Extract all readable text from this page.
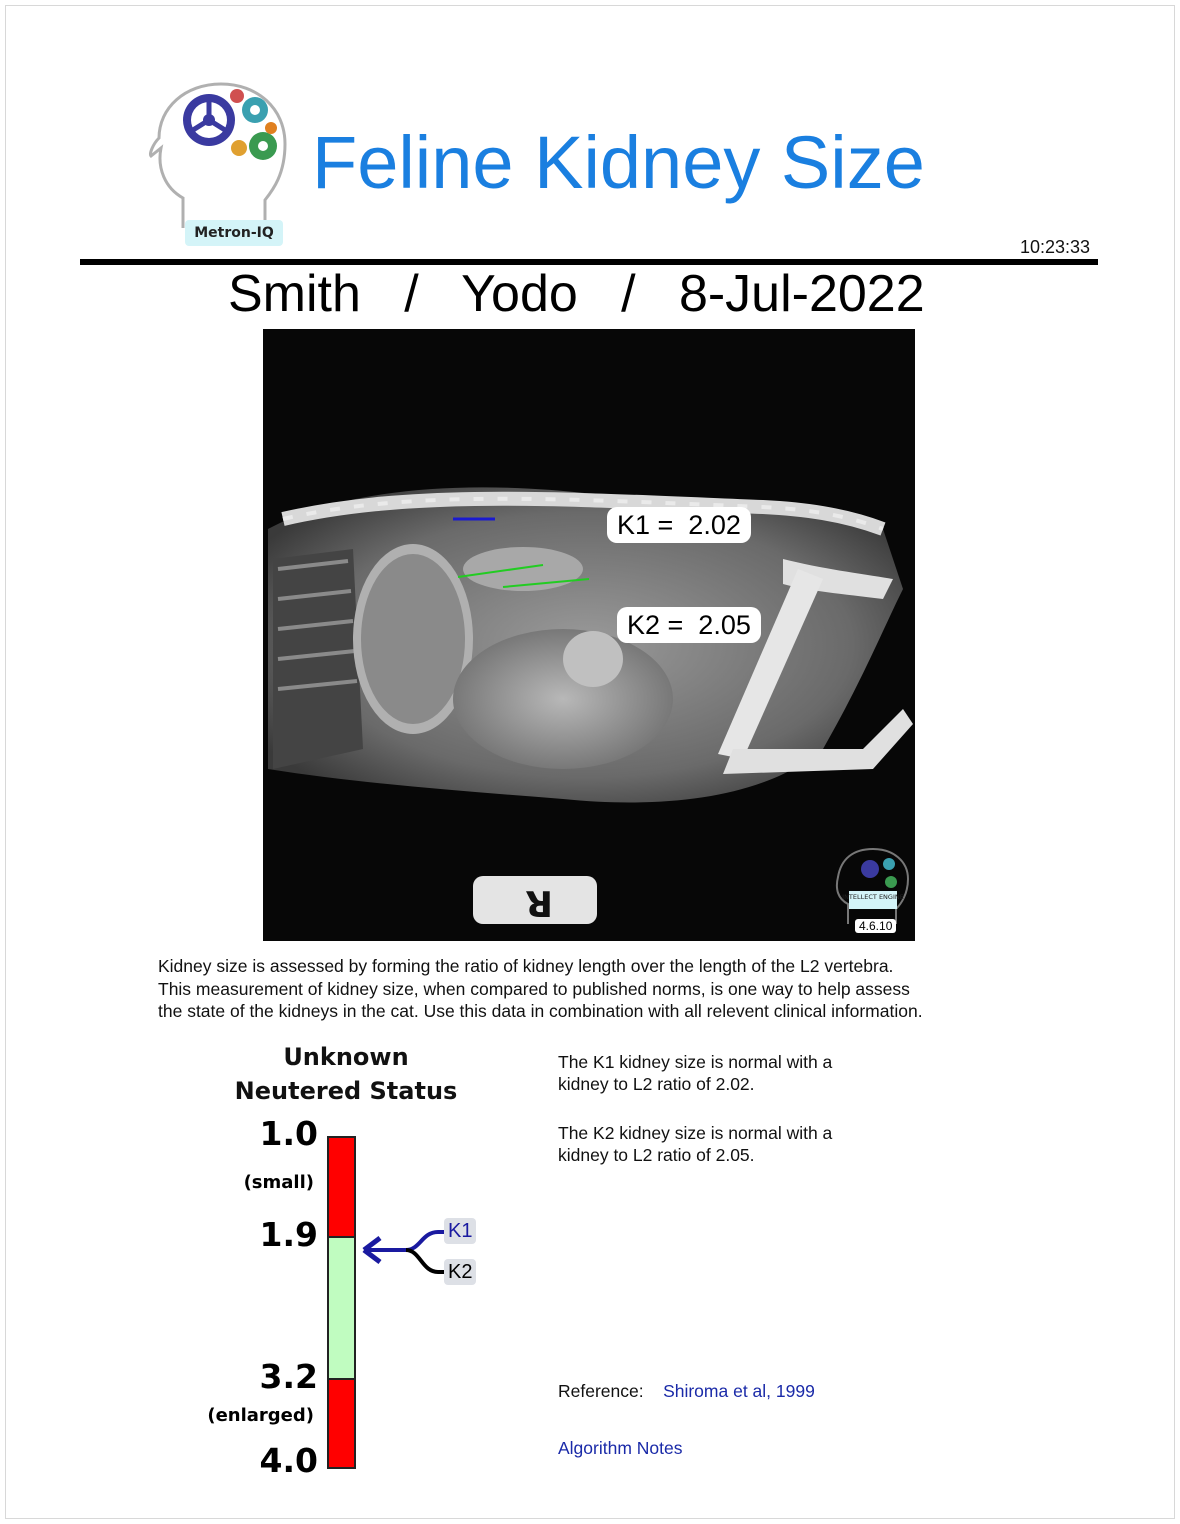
Metron-IQ
Feline Kidney Size
10:23:33
Smith   /   Yodo   /   8-Jul-2022
R	INTELLECT ENGINE
K1 =  2.02
K2 =  2.05
4.6.10
Kidney size is assessed by forming the ratio of kidney length over the length of the L2 vertebra.
This measurement of kidney size, when compared to published norms, is one way to help assess
the state of the kidneys in the cat. Use this data in combination with all relevent clinical information.
Unknown
Neutered Status
1.0
(small)
1.9
3.2
(enlarged)
4.0
K1
K2
The K1 kidney size is normal with a
kidney to L2 ratio of 2.02.
The K2 kidney size is normal with a
kidney to L2 ratio of 2.05.
Reference: Shiroma et al, 1999
Algorithm Notes
